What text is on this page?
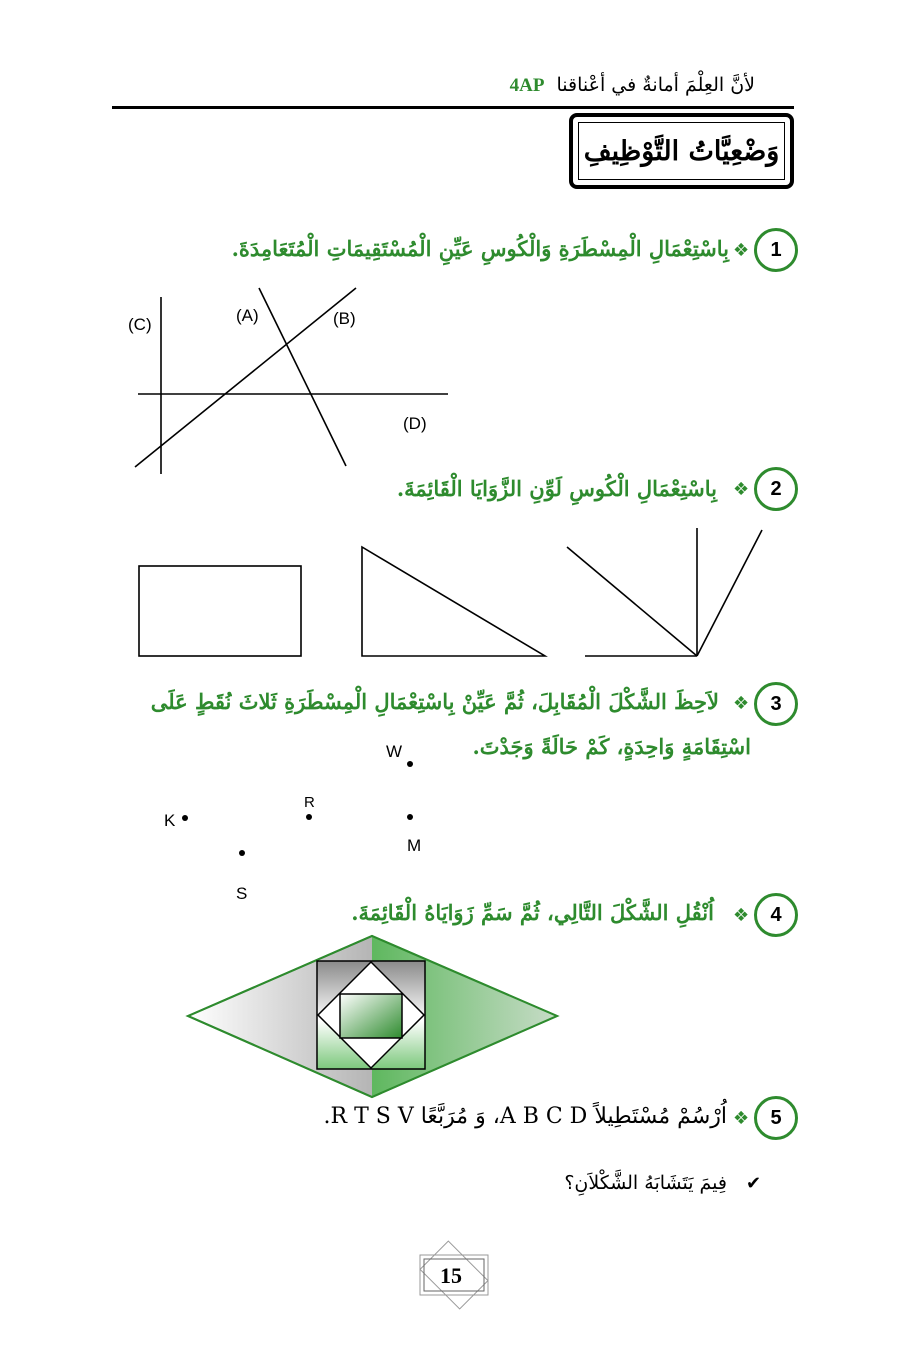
لأنَّ العِلْمَ أمانةٌ في أعْناقنا 4AP
وَضْعِيَّاتُ التَّوْظِيفِ
1
❖
بِاسْتِعْمَالِ الْمِسْطَرَةِ وَالْكُوسِ عَيِّنِ الْمُسْتَقِيمَاتِ الْمُتَعَامِدَةَ.
(C)	(A)	(B)
(D)
2
❖
بِاسْتِعْمَالِ الْكُوسِ لَوِّنِ الزَّوَايَا الْقَائِمَةَ.
3
❖
لاَحِظَ الشَّكْلَ الْمُقَابِلَ، ثُمَّ عَيِّنْ بِاسْتِعْمَالِ الْمِسْطَرَةِ ثَلاثَ نُقَطٍ عَلَى
اسْتِقَامَةٍ وَاحِدَةٍ، كَمْ حَالَةً وَجَدْتَ.
W
R
K
M
S
4
❖
اُنْقُلِ الشَّكْلَ التَّالِي، ثُمَّ سَمِّ زَوَايَاهُ الْقَائِمَةَ.
5
❖
اُرْسُمْ مُسْتَطِيلاً A B C D، وَ مُرَبَّعًا R T S V.
✔
فِيمَ يَتَشَابَهُ الشَّكْلاَنِ؟
15
